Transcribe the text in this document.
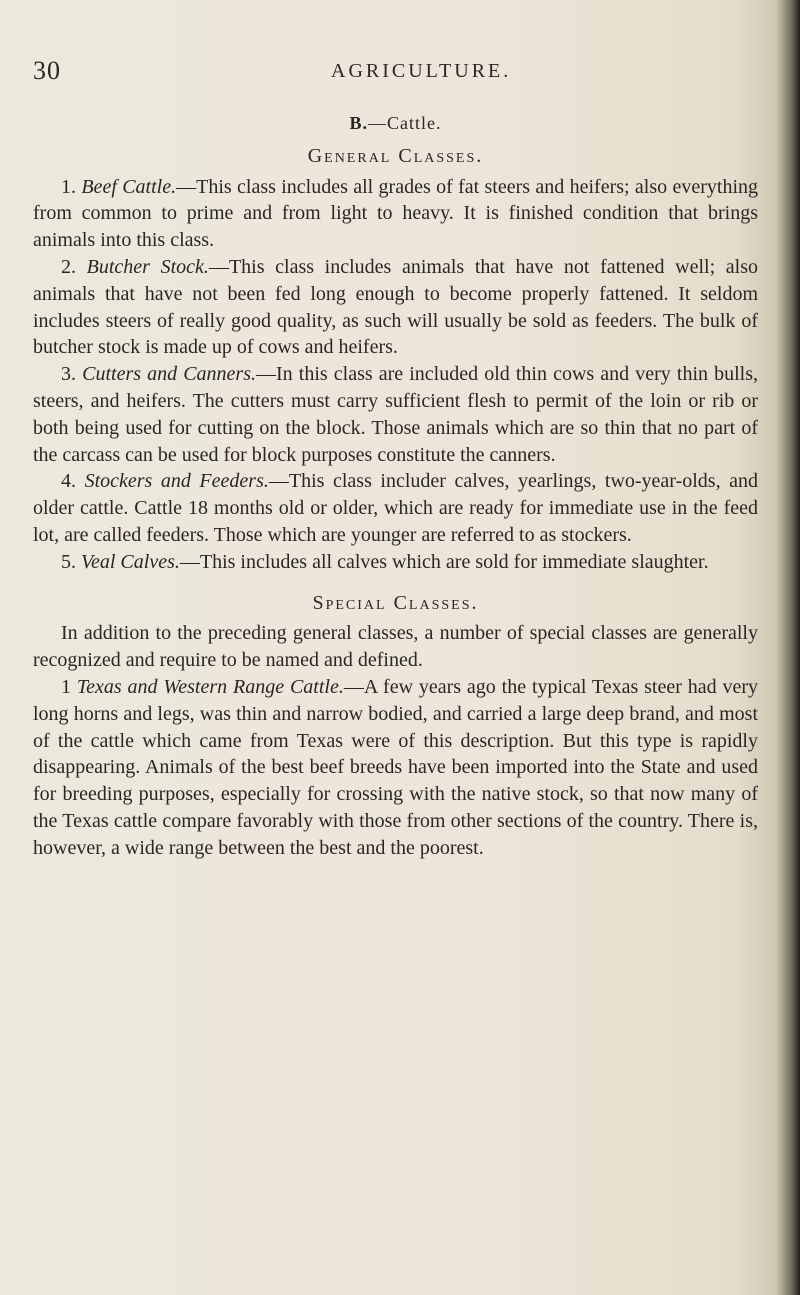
30	AGRICULTURE.
B.—Cattle.
General Classes.

1. Beef Cattle.—This class includes all grades of fat steers and heifers; also everything from common to prime and from light to heavy. It is finished condition that brings animals into this class.

2. Butcher Stock.—This class includes animals that have not fattened well; also animals that have not been fed long enough to become properly fattened. It seldom includes steers of really good quality, as such will usually be sold as feeders. The bulk of butcher stock is made up of cows and heifers.

3. Cutters and Canners.—In this class are included old thin cows and very thin bulls, steers, and heifers. The cutters must carry sufficient flesh to permit of the loin or rib or both being used for cutting on the block. Those animals which are so thin that no part of the carcass can be used for block purposes constitute the canners.

4. Stockers and Feeders.—This class includer calves, yearlings, two-year-olds, and older cattle. Cattle 18 months old or older, which are ready for immediate use in the feed lot, are called feeders. Those which are younger are referred to as stockers.

5. Veal Calves.—This includes all calves which are sold for immediate slaughter.

Special Classes.

In addition to the preceding general classes, a number of special classes are generally recognized and require to be named and defined.

1 Texas and Western Range Cattle.—A few years ago the typical Texas steer had very long horns and legs, was thin and narrow bodied, and carried a large deep brand, and most of the cattle which came from Texas were of this description. But this type is rapidly disappearing. Animals of the best beef breeds have been imported into the State and used for breeding purposes, especially for crossing with the native stock, so that now many of the Texas cattle compare favorably with those from other sections of the country. There is, however, a wide range between the best and the poorest.
